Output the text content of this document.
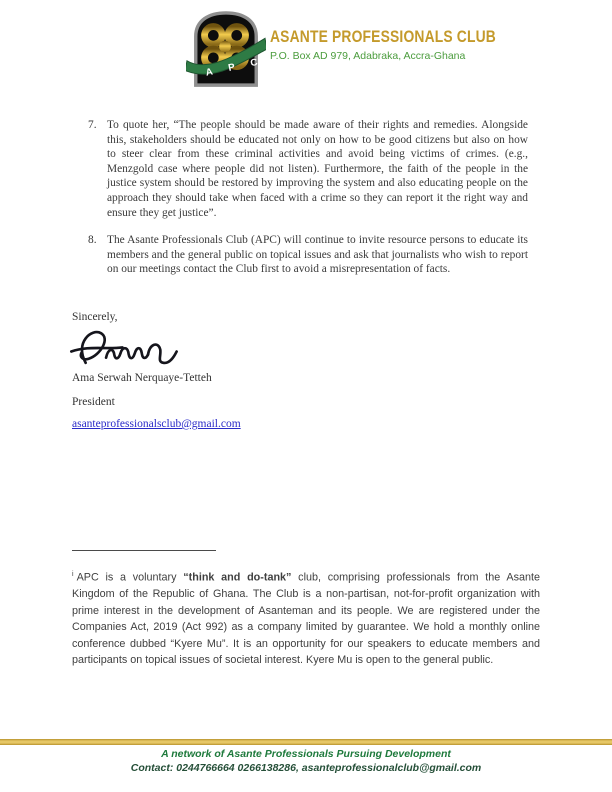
A P C
ASANTE PROFESSIONALS CLUB
P.O. Box AD 979, Adabraka, Accra-Ghana
7. To quote her, “The people should be made aware of their rights and remedies. Alongside this, stakeholders should be educated not only on how to be good citizens but also on how to steer clear from these criminal activities and avoid being victims of crimes. (e.g., Menzgold case where people did not listen). Furthermore, the faith of the people in the justice system should be restored by improving the system and also educating people on the approach they should take when faced with a crime so they can report it the right way and ensure they get justice”.

8. The Asante Professionals Club (APC) will continue to invite resource persons to educate its members and the general public on topical issues and ask that journalists who wish to report on our meetings contact the Club first to avoid a misrepresentation of facts.

Sincerely,
Ama Serwah Nerquaye-Tetteh
President
asanteprofessionalsclub@gmail.com

$^i$ APC is a voluntary “think and do-tank” club, comprising professionals from the Asante Kingdom of the Republic of Ghana. The Club is a non-partisan, not-for-profit organization with prime interest in the development of Asanteman and its people. We are registered under the Companies Act, 2019 (Act 992) as a company limited by guarantee. We hold a monthly online conference dubbed “Kyere Mu”. It is an opportunity for our speakers to educate members and participants on topical issues of societal interest. Kyere Mu is open to the general public.

A network of Asante Professionals Pursuing Development
Contact: 0244766664 0266138286, asanteprofessionalclub@gmail.com
